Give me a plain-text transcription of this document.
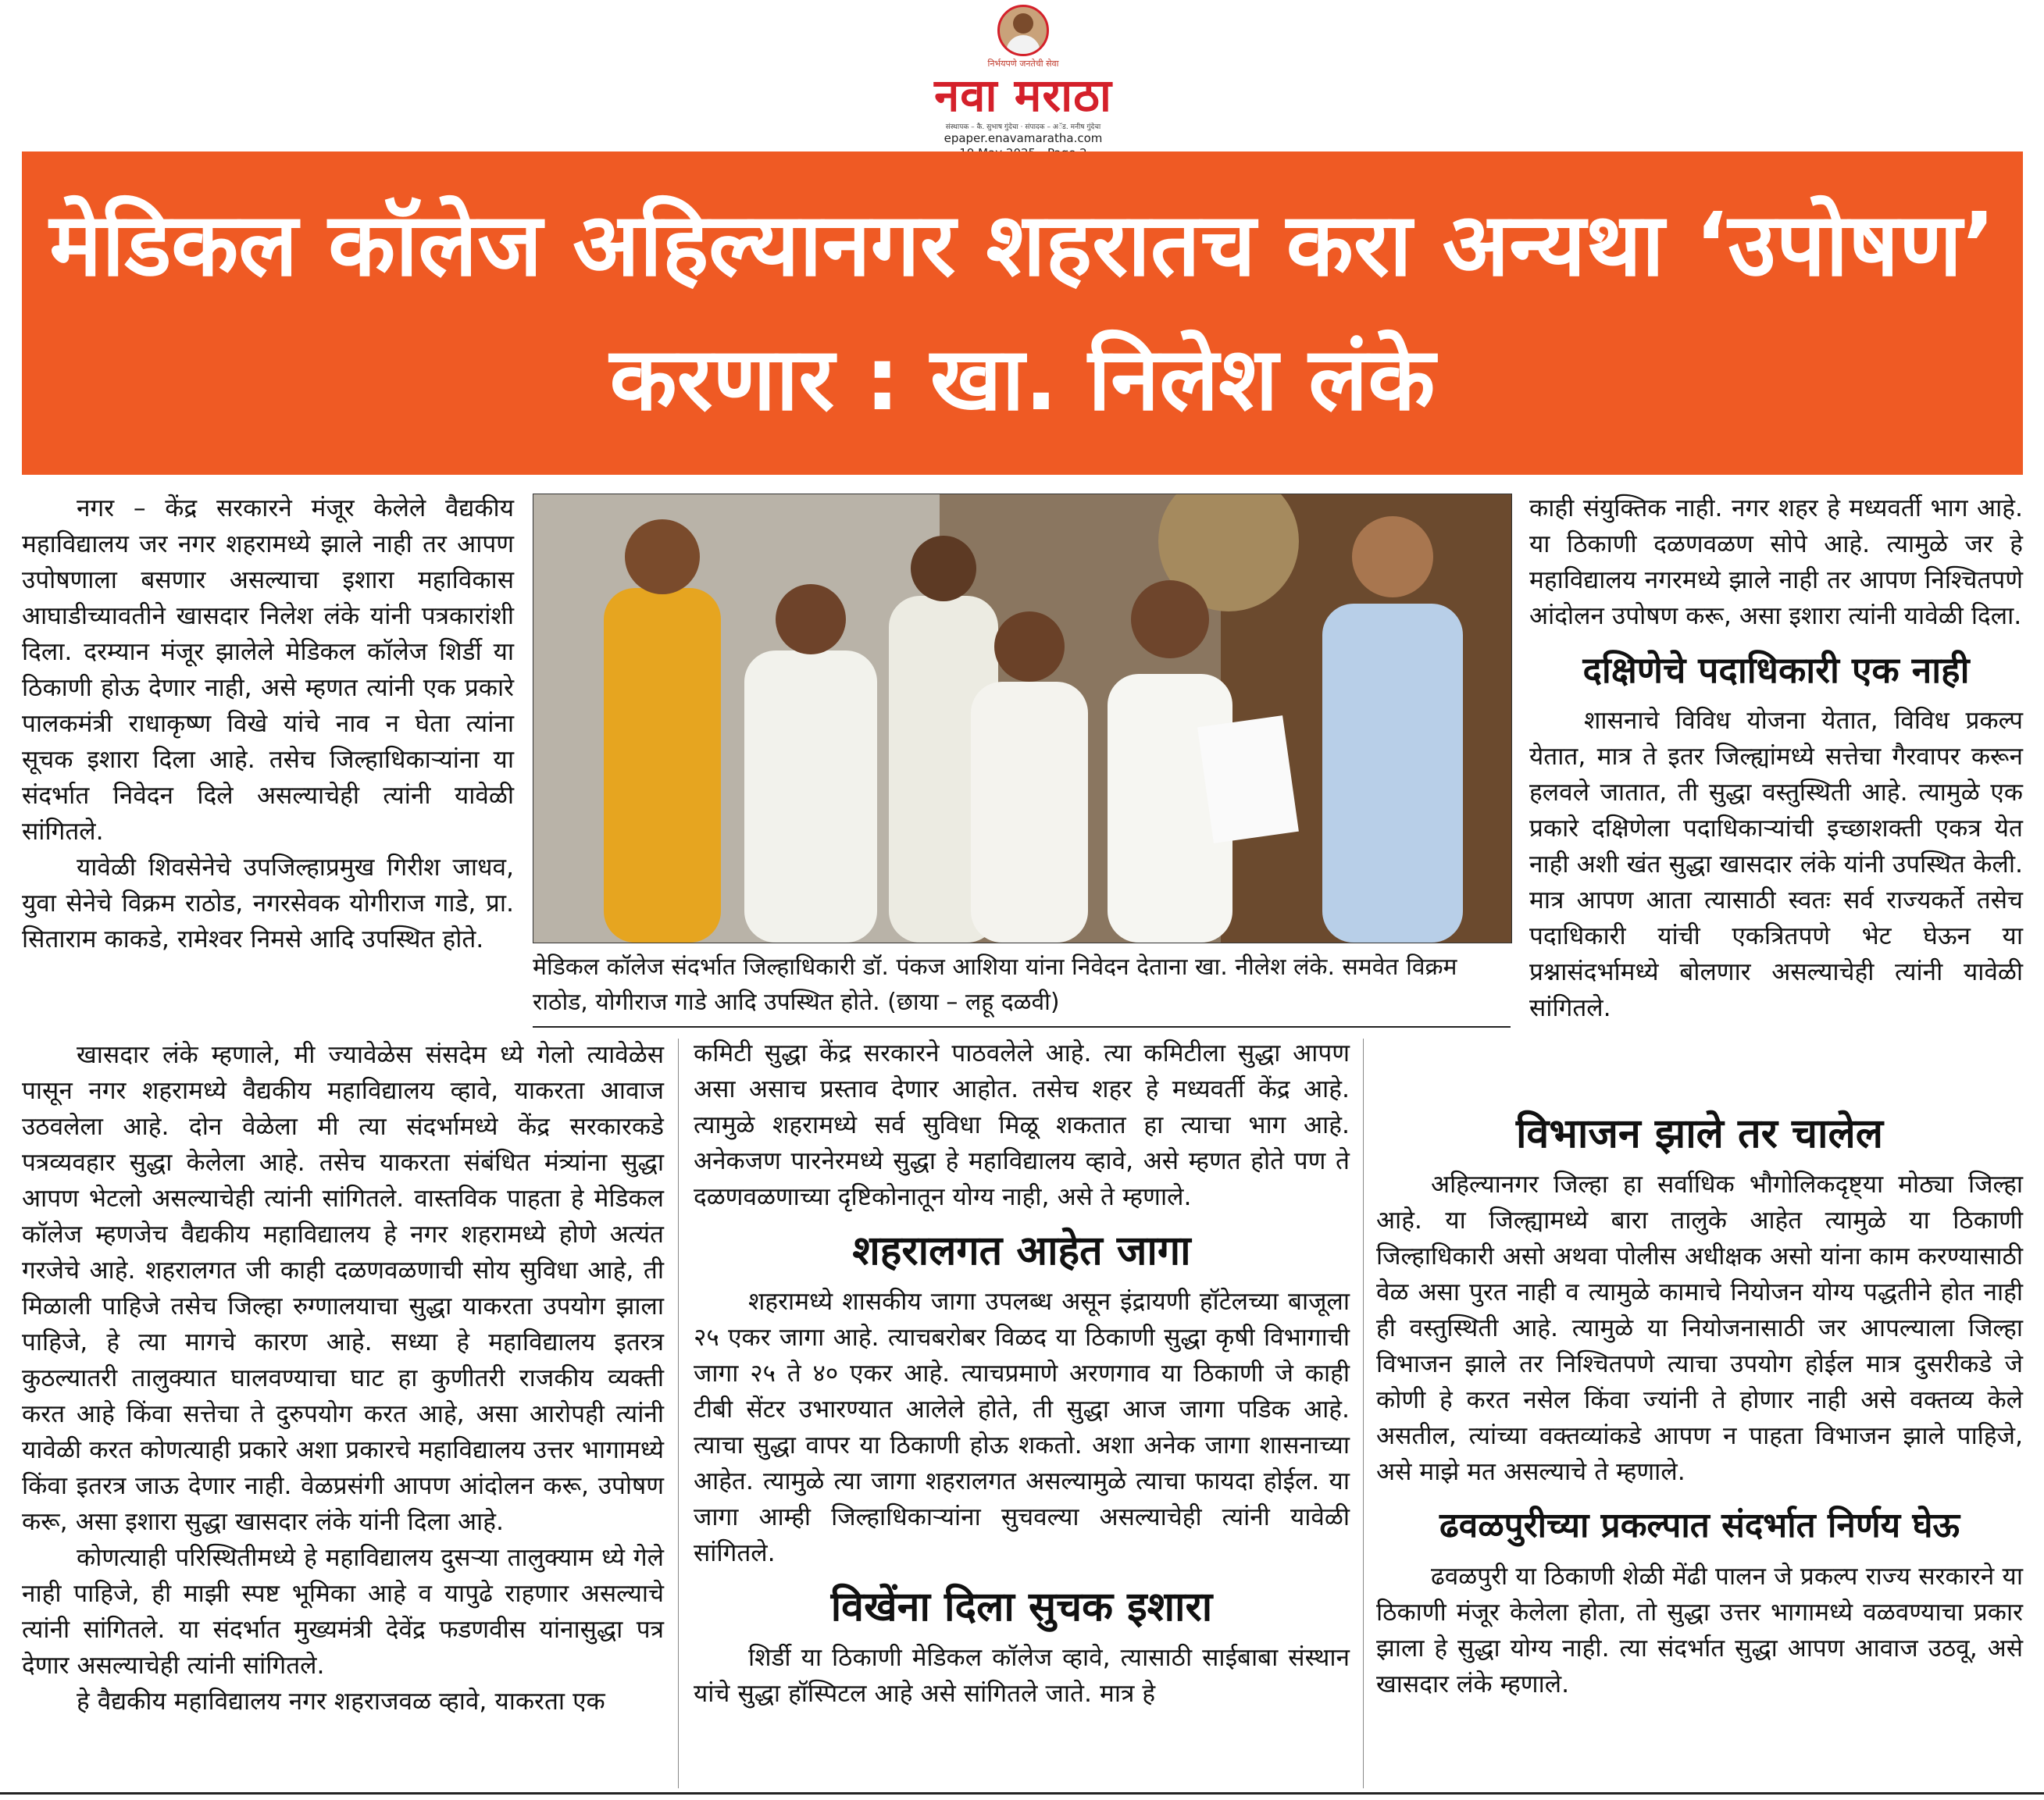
निर्भयपणे जनतेची सेवा
नवा मराठा
संस्थापक – कै. सुभाष गुंदेचा · संपादक – अॅड. मनीष गुंदेचा
epaper.enavamaratha.com
मेडिकल कॉलेज अहिल्यानगर शहरातच करा अन्यथा ‘उपोषण’ करणार : खा. निलेश लंके

नगर – केंद्र सरकारने मंजूर केलेले वैद्यकीय महाविद्यालय जर नगर शहरामध्ये झाले नाही तर आपण उपोषणाला बसणार असल्याचा इशारा महाविकास आघाडीच्यावतीने खासदार निलेश लंके यांनी पत्रकारांशी दिला. दरम्यान मंजूर झालेले मेडिकल कॉलेज शिर्डी या ठिकाणी होऊ देणार नाही, असे म्हणत त्यांनी एक प्रकारे पालकमंत्री राधाकृष्ण विखे यांचे नाव न घेता त्यांना सूचक इशारा दिला आहे. तसेच जिल्हाधिकाऱ्यांना या संदर्भात निवेदन दिले असल्याचेही त्यांनी यावेळी सांगितले.

यावेळी शिवसेनेचे उपजिल्हाप्रमुख गिरीश जाधव, युवा सेनेचे विक्रम राठोड, नगरसेवक योगीराज गाडे, प्रा. सिताराम काकडे, रामेश्वर निमसे आदि उपस्थित होते.

खासदार लंके म्हणाले, मी ज्यावेळेस संसदेम ध्ये गेलो त्यावेळेस पासून नगर शहरामध्ये वैद्यकीय महाविद्यालय व्हावे, याकरता आवाज उठवलेला आहे. दोन वेळेला मी त्या संदर्भामध्ये केंद्र सरकारकडे पत्रव्यवहार सुद्धा केलेला आहे. तसेच याकरता संबंधित मंत्र्यांना सुद्धा आपण भेटलो असल्याचेही त्यांनी सांगितले. वास्तविक पाहता हे मेडिकल कॉलेज म्हणजेच वैद्यकीय महाविद्यालय हे नगर शहरामध्ये होणे अत्यंत गरजेचे आहे. शहरालगत जी काही दळणवळणाची सोय सुविधा आहे, ती मिळाली पाहिजे तसेच जिल्हा रुग्णालयाचा सुद्धा याकरता उपयोग झाला पाहिजे, हे त्या मागचे कारण आहे. सध्या हे महाविद्यालय इतरत्र कुठल्यातरी तालुक्यात घालवण्याचा घाट हा कुणीतरी राजकीय व्यक्ती करत आहे किंवा सत्तेचा ते दुरुपयोग करत आहे, असा आरोपही त्यांनी यावेळी करत कोणत्याही प्रकारे अशा प्रकारचे महाविद्यालय उत्तर भागामध्ये किंवा इतरत्र जाऊ देणार नाही. वेळप्रसंगी आपण आंदोलन करू, उपोषण करू, असा इशारा सुद्धा खासदार लंके यांनी दिला आहे.

कोणत्याही परिस्थितीमध्ये हे महाविद्यालय दुसऱ्या तालुक्याम ध्ये गेले नाही पाहिजे, ही माझी स्पष्ट भूमिका आहे व यापुढे राहणार असल्याचे त्यांनी सांगितले. या संदर्भात मुख्यमंत्री देवेंद्र फडणवीस यांनासुद्धा पत्र देणार असल्याचेही त्यांनी सांगितले.

हे वैद्यकीय महाविद्यालय नगर शहराजवळ व्हावे, याकरता एक

मेडिकल कॉलेज संदर्भात जिल्हाधिकारी डॉ. पंकज आशिया यांना निवेदन देताना खा. नीलेश लंके. समवेत विक्रम राठोड, योगीराज गाडे आदि उपस्थित होते. (छाया – लहू दळवी)

कमिटी सुद्धा केंद्र सरकारने पाठवलेले आहे. त्या कमिटीला सुद्धा आपण असा असाच प्रस्ताव देणार आहोत. तसेच शहर हे मध्यवर्ती केंद्र आहे. त्यामुळे शहरामध्ये सर्व सुविधा मिळू शकतात हा त्याचा भाग आहे. अनेकजण पारनेरमध्ये सुद्धा हे महाविद्यालय व्हावे, असे म्हणत होते पण ते दळणवळणाच्या दृष्टिकोनातून योग्य नाही, असे ते म्हणाले.

शहरालगत आहेत जागा

शहरामध्ये शासकीय जागा उपलब्ध असून इंद्रायणी हॉटेलच्या बाजूला २५ एकर जागा आहे. त्याचबरोबर विळद या ठिकाणी सुद्धा कृषी विभागाची जागा २५ ते ४० एकर आहे. त्याचप्रमाणे अरणगाव या ठिकाणी जे काही टीबी सेंटर उभारण्यात आलेले होते, ती सुद्धा आज जागा पडिक आहे. त्याचा सुद्धा वापर या ठिकाणी होऊ शकतो. अशा अनेक जागा शासनाच्या आहेत. त्यामुळे त्या जागा शहरालगत असल्यामुळे त्याचा फायदा होईल. या जागा आम्ही जिल्हाधिकाऱ्यांना सुचवल्या असल्याचेही त्यांनी यावेळी सांगितले.

विखेंना दिला सुचक इशारा

शिर्डी या ठिकाणी मेडिकल कॉलेज व्हावे, त्यासाठी साईबाबा संस्थान यांचे सुद्धा हॉस्पिटल आहे असे सांगितले जाते. मात्र हे

काही संयुक्तिक नाही. नगर शहर हे मध्यवर्ती भाग आहे. या ठिकाणी दळणवळण सोपे आहे. त्यामुळे जर हे महाविद्यालय नगरमध्ये झाले नाही तर आपण निश्चितपणे आंदोलन उपोषण करू, असा इशारा त्यांनी यावेळी दिला.

दक्षिणेचे पदाधिकारी एक नाही

शासनाचे विविध योजना येतात, विविध प्रकल्प येतात, मात्र ते इतर जिल्ह्यांमध्ये सत्तेचा गैरवापर करून हलवले जातात, ती सुद्धा वस्तुस्थिती आहे. त्यामुळे एक प्रकारे दक्षिणेला पदाधिकाऱ्यांची इच्छाशक्ती एकत्र येत नाही अशी खंत सुद्धा खासदार लंके यांनी उपस्थित केली. मात्र आपण आता त्यासाठी स्वतः सर्व राज्यकर्ते तसेच पदाधिकारी यांची एकत्रितपणे भेट घेऊन या प्रश्नासंदर्भामध्ये बोलणार असल्याचेही त्यांनी यावेळी सांगितले.

विभाजन झाले तर चालेल

अहिल्यानगर जिल्हा हा सर्वाधिक भौगोलिकदृष्ट्या मोठ्या जिल्हा आहे. या जिल्ह्यामध्ये बारा तालुके आहेत त्यामुळे या ठिकाणी जिल्हाधिकारी असो अथवा पोलीस अधीक्षक असो यांना काम करण्यासाठी वेळ असा पुरत नाही व त्यामुळे कामाचे नियोजन योग्य पद्धतीने होत नाही ही वस्तुस्थिती आहे. त्यामुळे या नियोजनासाठी जर आपल्याला जिल्हा विभाजन झाले तर निश्चितपणे त्याचा उपयोग होईल मात्र दुसरीकडे जे कोणी हे करत नसेल किंवा ज्यांनी ते होणार नाही असे वक्तव्य केले असतील, त्यांच्या वक्तव्यांकडे आपण न पाहता विभाजन झाले पाहिजे, असे माझे मत असल्याचे ते म्हणाले.

ढवळपुरीच्या प्रकल्पात संदर्भात निर्णय घेऊ

ढवळपुरी या ठिकाणी शेळी मेंढी पालन जे प्रकल्प राज्य सरकारने या ठिकाणी मंजूर केलेला होता, तो सुद्धा उत्तर भागामध्ये वळवण्याचा प्रकार झाला हे सुद्धा योग्य नाही. त्या संदर्भात सुद्धा आपण आवाज उठवू, असे खासदार लंके म्हणाले.
